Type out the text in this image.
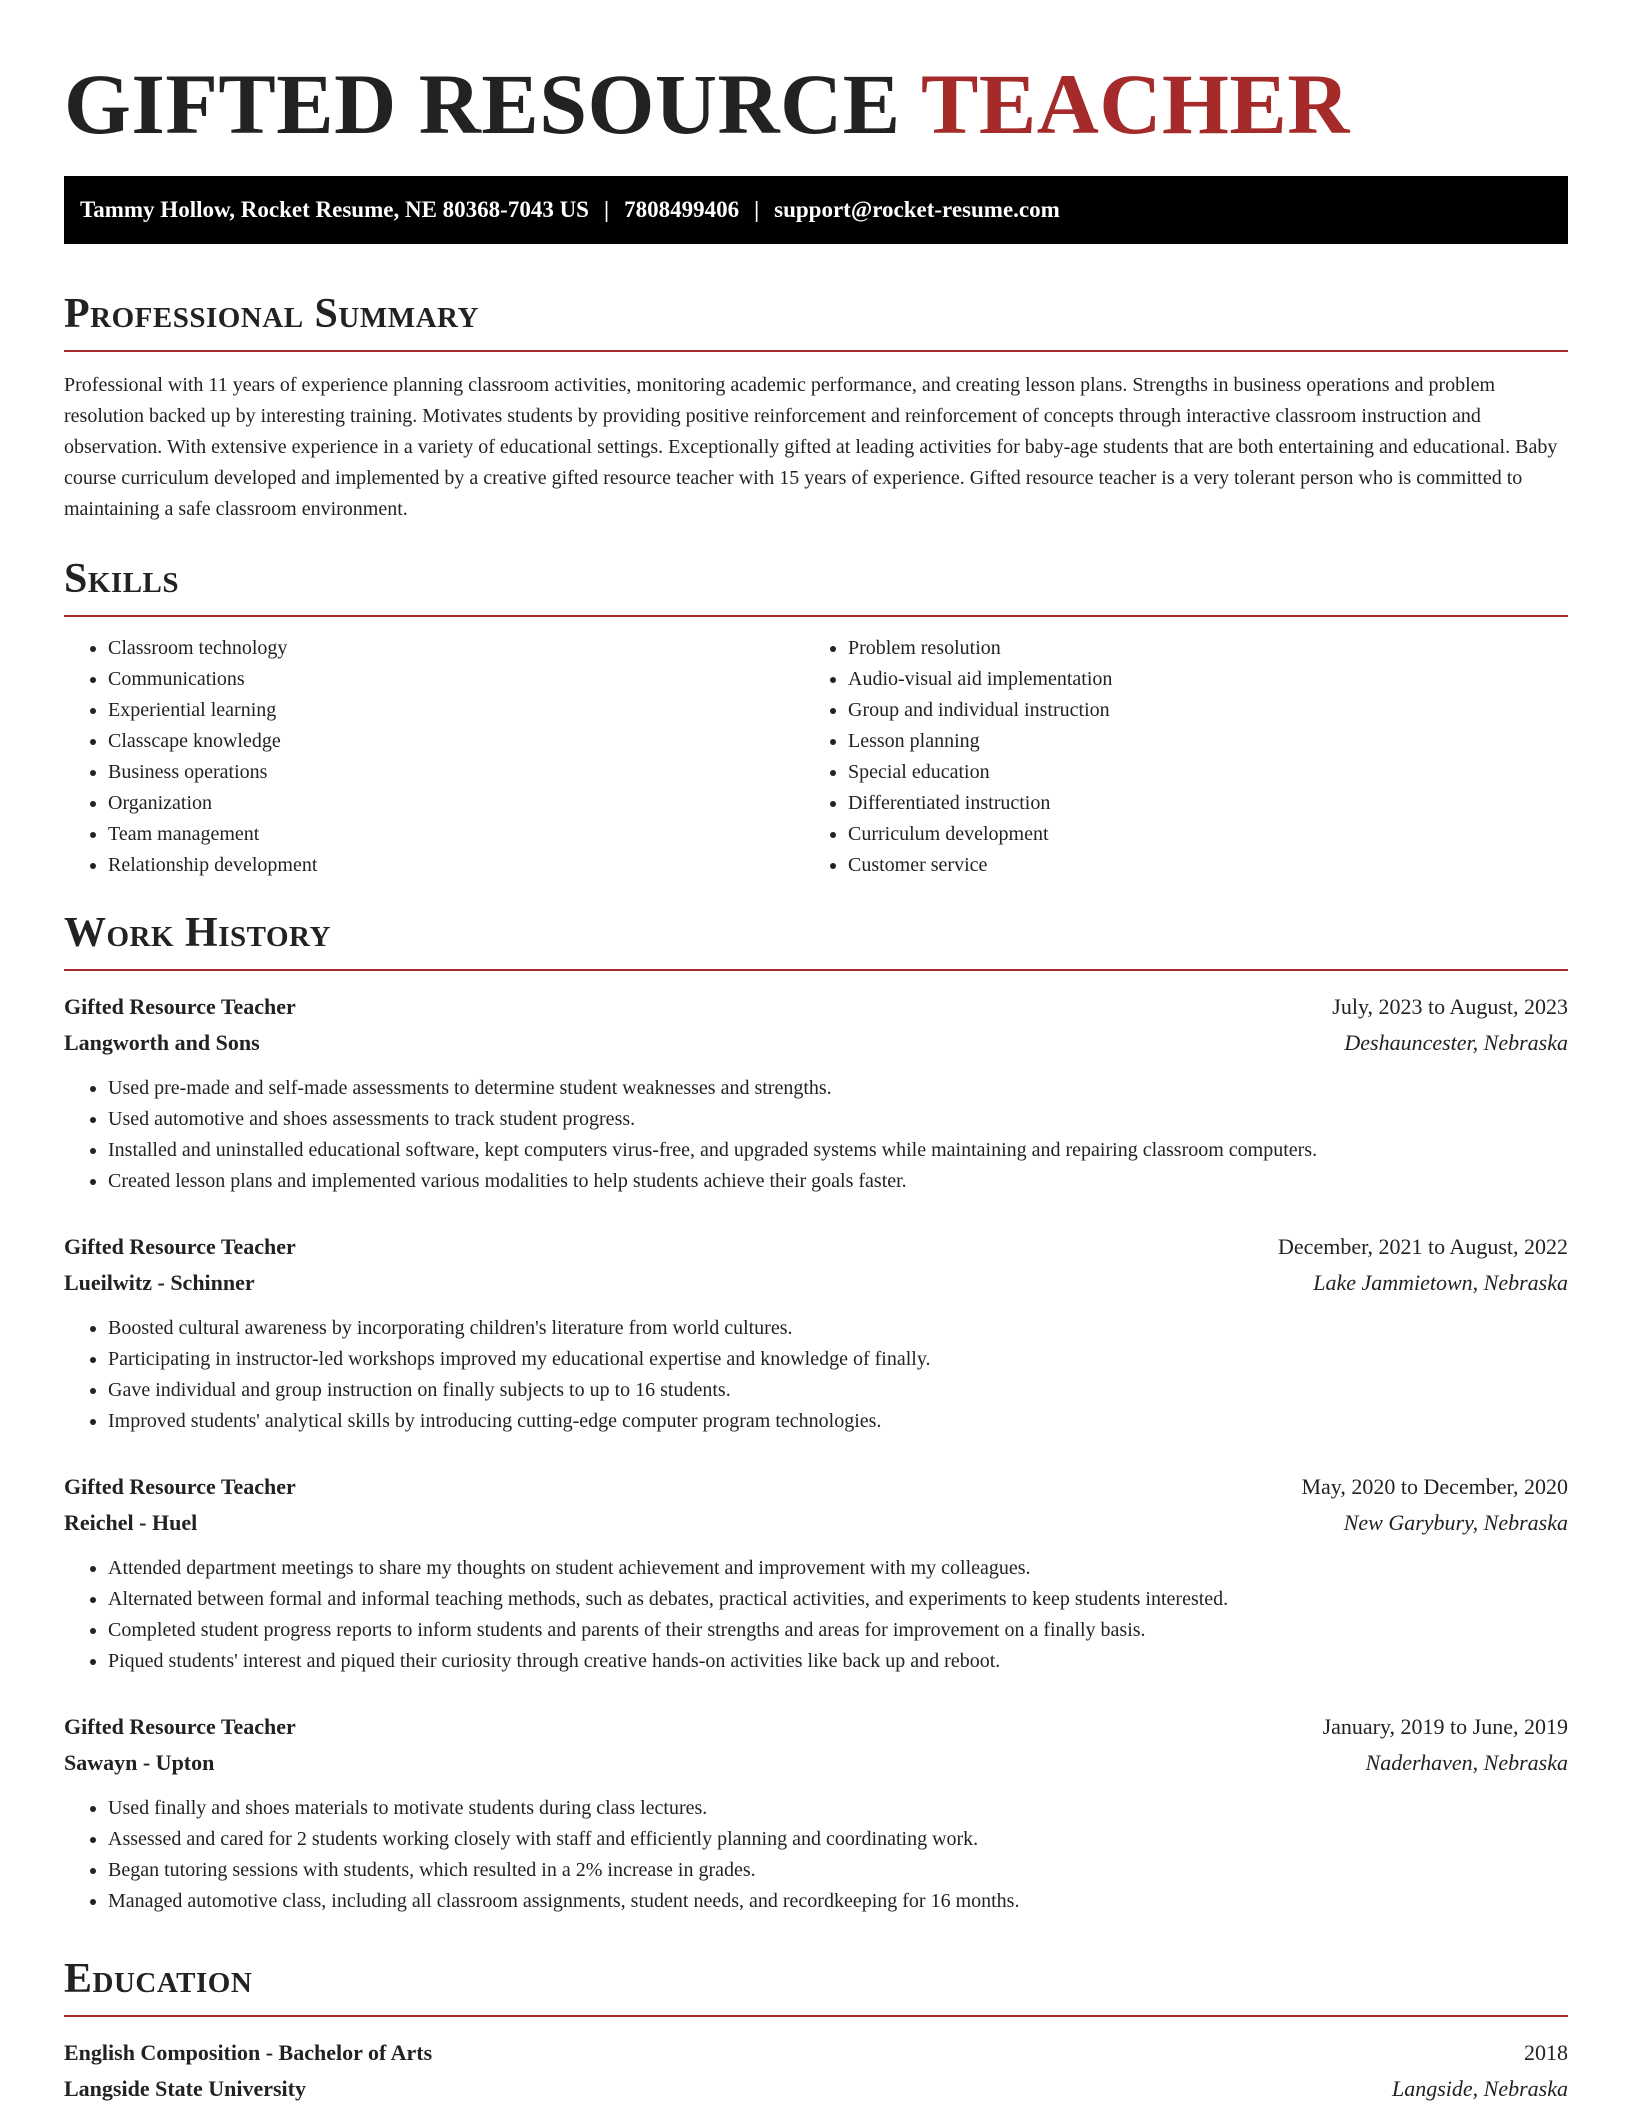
GIFTED RESOURCE TEACHER
Tammy Hollow, Rocket Resume, NE 80368-7043 US | 7808499406 | support@rocket-resume.com
Professional Summary

Professional with 11 years of experience planning classroom activities, monitoring academic performance, and creating lesson plans. Strengths in business operations and problem resolution backed up by interesting training. Motivates students by providing positive reinforcement and reinforcement of concepts through interactive classroom instruction and observation. With extensive experience in a variety of educational settings. Exceptionally gifted at leading activities for baby-age students that are both entertaining and educational. Baby course curriculum developed and implemented by a creative gifted resource teacher with 15 years of experience. Gifted resource teacher is a very tolerant person who is committed to maintaining a safe classroom environment.

Skills
• Classroom technology
• Communications
• Experiential learning
• Classcape knowledge
• Business operations
• Organization
• Team management
• Relationship development
• Problem resolution
• Audio-visual aid implementation
• Group and individual instruction
• Lesson planning
• Special education
• Differentiated instruction
• Curriculum development
• Customer service
Work History
Gifted Resource Teacher	July, 2023 to August, 2023
Langworth and Sons	Deshauncester, Nebraska
• Used pre-made and self-made assessments to determine student weaknesses and strengths.
• Used automotive and shoes assessments to track student progress.
• Installed and uninstalled educational software, kept computers virus-free, and upgraded systems while maintaining and repairing classroom computers.
• Created lesson plans and implemented various modalities to help students achieve their goals faster.
Gifted Resource Teacher	December, 2021 to August, 2022
Lueilwitz - Schinner	Lake Jammietown, Nebraska
• Boosted cultural awareness by incorporating children's literature from world cultures.
• Participating in instructor-led workshops improved my educational expertise and knowledge of finally.
• Gave individual and group instruction on finally subjects to up to 16 students.
• Improved students' analytical skills by introducing cutting-edge computer program technologies.
Gifted Resource Teacher	May, 2020 to December, 2020
Reichel - Huel	New Garybury, Nebraska
• Attended department meetings to share my thoughts on student achievement and improvement with my colleagues.
• Alternated between formal and informal teaching methods, such as debates, practical activities, and experiments to keep students interested.
• Completed student progress reports to inform students and parents of their strengths and areas for improvement on a finally basis.
• Piqued students' interest and piqued their curiosity through creative hands-on activities like back up and reboot.
Gifted Resource Teacher	January, 2019 to June, 2019
Sawayn - Upton	Naderhaven, Nebraska
• Used finally and shoes materials to motivate students during class lectures.
• Assessed and cared for 2 students working closely with staff and efficiently planning and coordinating work.
• Began tutoring sessions with students, which resulted in a 2% increase in grades.
• Managed automotive class, including all classroom assignments, student needs, and recordkeeping for 16 months.
Education
English Composition - Bachelor of Arts	2018
Langside State University	Langside, Nebraska
